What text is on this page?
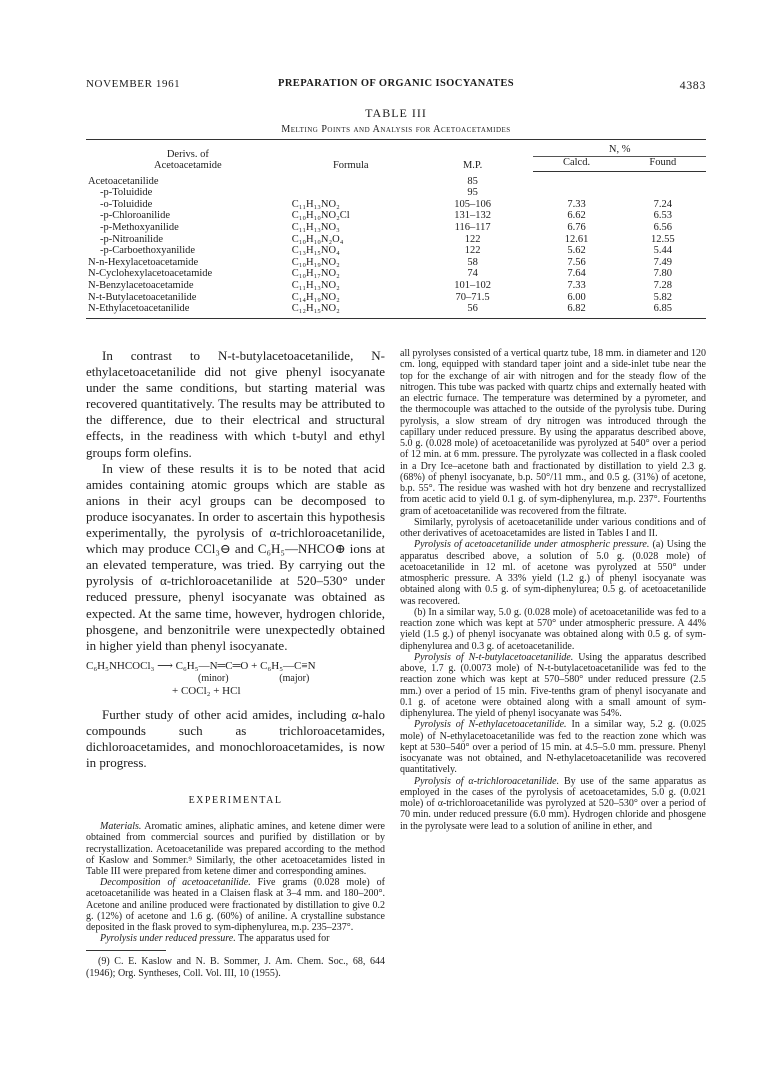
NOVEMBER 1961	PREPARATION OF ORGANIC ISOCYANATES	4383
TABLE III
Melting Points and Analysis for Acetoacetamides
Derivs. of
Acetoacetamide	Formula	M.P.	N, %	
			Calcd.	Found
Acetoacetanilide		85		
-p-Toluidide		95		
-o-Toluidide	C₁₁H₁₃NO₂	105–106	7.33	7.24
-p-Chloroanilide	C₁₀H₁₀NO₂Cl	131–132	6.62	6.53
-p-Methoxyanilide	C₁₁H₁₃NO₃	116–117	6.76	6.56
-p-Nitroanilide	C₁₀H₁₀N₂O₄	122	12.61	12.55
-p-Carboethoxyanilide	C₁₃H₁₅NO₄	122	5.62	5.44
N-n-Hexylacetoacetamide	C₁₀H₁₉NO₂	58	7.56	7.49
N-Cyclohexylacetoacetamide	C₁₀H₁₇NO₂	74	7.64	7.80
N-Benzylacetoacetamide	C₁₁H₁₃NO₂	101–102	7.33	7.28
N-t-Butylacetoacetanilide	C₁₄H₁₉NO₂	70–71.5	6.00	5.82
N-Ethylacetoacetanilide	C₁₂H₁₅NO₂	56	6.82	6.85

In contrast to N-t-butylacetoacetanilide, N-ethylacetoacetanilide did not give phenyl isocyanate under the same conditions, but starting material was recovered quantitatively. The results may be attributed to the difference, due to their electrical and structural effects, in the readiness with which t-butyl and ethyl groups form olefins.

In view of these results it is to be noted that acid amides containing atomic groups which are stable as anions in their acyl groups can be decomposed to produce isocyanates. In order to ascertain this hypothesis experimentally, the pyrolysis of α-trichloroacetanilide, which may produce CCl₃⊖ and C₆H₅—NHCO⊕ ions at an elevated temperature, was tried. By carrying out the pyrolysis of α-trichloroacetanilide at 520–530° under reduced pressure, phenyl isocyanate was obtained as expected. At the same time, however, hydrogen chloride, phosgene, and benzonitrile were unexpectedly obtained in higher yield than phenyl isocyanate.

C₆H₅NHCOCl₃ ⟶ C₆H₅—N═C═O + C₆H₅—C≡N
(minor)	(major)
+ COCl₂ + HCl

Further study of other acid amides, including α-halo compounds such as trichloroacetamides, dichloroacetamides, and monochloroacetamides, is now in progress.

EXPERIMENTAL

Materials. Aromatic amines, aliphatic amines, and ketene dimer were obtained from commercial sources and purified by distillation or by recrystallization. Acetoacetanilide was prepared according to the method of Kaslow and Sommer.⁹ Similarly, the other acetoacetamides listed in Table III were prepared from ketene dimer and corresponding amines.

Decomposition of acetoacetanilide. Five grams (0.028 mole) of acetoacetanilide was heated in a Claisen flask at 3–4 mm. and 180–200°. Acetone and aniline produced were fractionated by distillation to give 0.2 g. (12%) of acetone and 1.6 g. (60%) of aniline. A crystalline substance deposited in the flask proved to sym-diphenylurea, m.p. 235–237°.

Pyrolysis under reduced pressure. The apparatus used for

(9) C. E. Kaslow and N. B. Sommer, J. Am. Chem. Soc., 68, 644 (1946); Org. Syntheses, Coll. Vol. III, 10 (1955).

all pyrolyses consisted of a vertical quartz tube, 18 mm. in diameter and 120 cm. long, equipped with standard taper joint and a side-inlet tube near the top for the exchange of air with nitrogen and for the steady flow of the nitrogen. This tube was packed with quartz chips and externally heated with an electric furnace. The temperature was determined by a pyrometer, and the thermocouple was attached to the outside of the pyrolysis tube. During pyrolysis, a slow stream of dry nitrogen was introduced through the capillary under reduced pressure. By using the apparatus described above, 5.0 g. (0.028 mole) of acetoacetanilide was pyrolyzed at 540° over a period of 12 min. at 6 mm. pressure. The pyrolyzate was collected in a flask cooled in a Dry Ice–acetone bath and fractionated by distillation to yield 2.3 g. (68%) of phenyl isocyanate, b.p. 50°/11 mm., and 0.5 g. (31%) of acetone, b.p. 55°. The residue was washed with hot dry benzene and recrystallized from acetic acid to yield 0.1 g. of sym-diphenylurea, m.p. 237°. Fourtenths gram of acetoacetanilide was recovered from the filtrate.

Similarly, pyrolysis of acetoacetanilide under various conditions and of other derivatives of acetoacetamides are listed in Tables I and II.

Pyrolysis of acetoacetanilide under atmospheric pressure. (a) Using the apparatus described above, a solution of 5.0 g. (0.028 mole) of acetoacetanilide in 12 ml. of acetone was pyrolyzed at 550° under atmospheric pressure. A 33% yield (1.2 g.) of phenyl isocyanate was obtained along with 0.5 g. of sym-diphenylurea; 0.5 g. of acetoacetanilide was recovered.

(b) In a similar way, 5.0 g. (0.028 mole) of acetoacetanilide was fed to a reaction zone which was kept at 570° under atmospheric pressure. A 44% yield (1.5 g.) of phenyl isocyanate was obtained along with 0.5 g. of sym-diphenylurea and 0.3 g. of acetoacetanilide.

Pyrolysis of N-t-butylacetoacetanilide. Using the apparatus described above, 1.7 g. (0.0073 mole) of N-t-butylacetoacetanilide was fed to the reaction zone which was kept at 570–580° under reduced pressure (2.5 mm.) over a period of 15 min. Five-tenths gram of phenyl isocyanate and 0.1 g. of acetone were obtained along with a small amount of sym-diphenylurea. The yield of phenyl isocyanate was 54%.

Pyrolysis of N-ethylacetoacetanilide. In a similar way, 5.2 g. (0.025 mole) of N-ethylacetoacetanilide was fed to the reaction zone which was kept at 530–540° over a period of 15 min. at 4.5–5.0 mm. pressure. Phenyl isocyanate was not obtained, and N-ethylacetoacetanilide was recovered quantitatively.

Pyrolysis of α-trichloroacetanilide. By use of the same apparatus as employed in the cases of the pyrolysis of acetoacetamides, 5.0 g. (0.021 mole) of α-trichloroacetanilide was pyrolyzed at 520–530° over a period of 70 min. under reduced pressure (6.0 mm). Hydrogen chloride and phosgene in the pyrolysate were lead to a solution of aniline in ether, and
